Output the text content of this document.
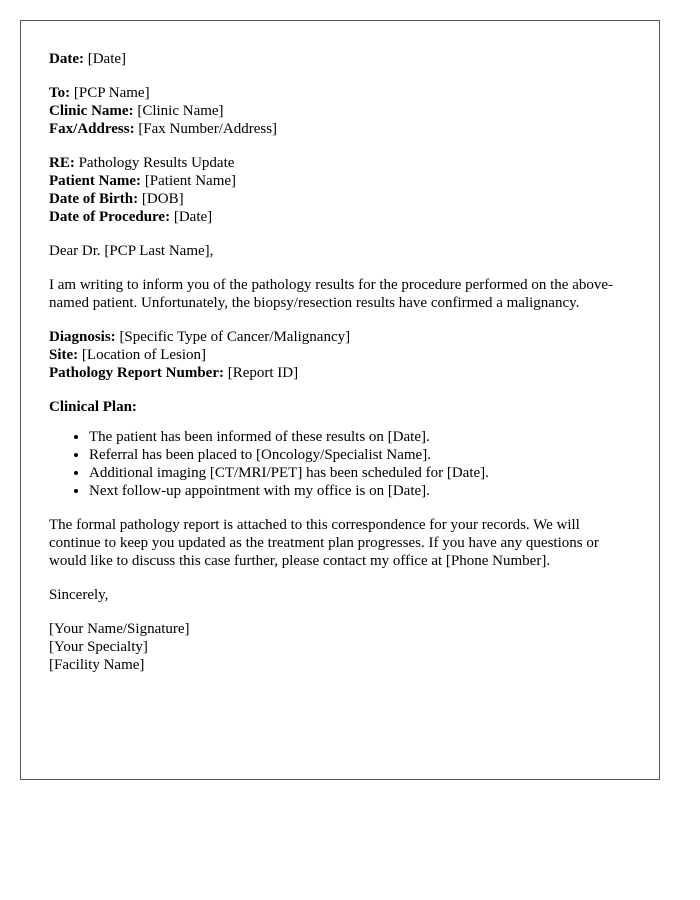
Date: [Date]
To: [PCP Name]
Clinic Name: [Clinic Name]
Fax/Address: [Fax Number/Address]
RE: Pathology Results Update
Patient Name: [Patient Name]
Date of Birth: [DOB]
Date of Procedure: [Date]

Dear Dr. [PCP Last Name],

I am writing to inform you of the pathology results for the procedure performed on the above-named patient. Unfortunately, the biopsy/resection results have confirmed a malignancy.

Diagnosis: [Specific Type of Cancer/Malignancy]
Site: [Location of Lesion]
Pathology Report Number: [Report ID]
Clinical Plan:
• The patient has been informed of these results on [Date].
• Referral has been placed to [Oncology/Specialist Name].
• Additional imaging [CT/MRI/PET] has been scheduled for [Date].
• Next follow-up appointment with my office is on [Date].

The formal pathology report is attached to this correspondence for your records. We will continue to keep you updated as the treatment plan progresses. If you have any questions or would like to discuss this case further, please contact my office at [Phone Number].

Sincerely,

[Your Name/Signature]
[Your Specialty]
[Facility Name]
